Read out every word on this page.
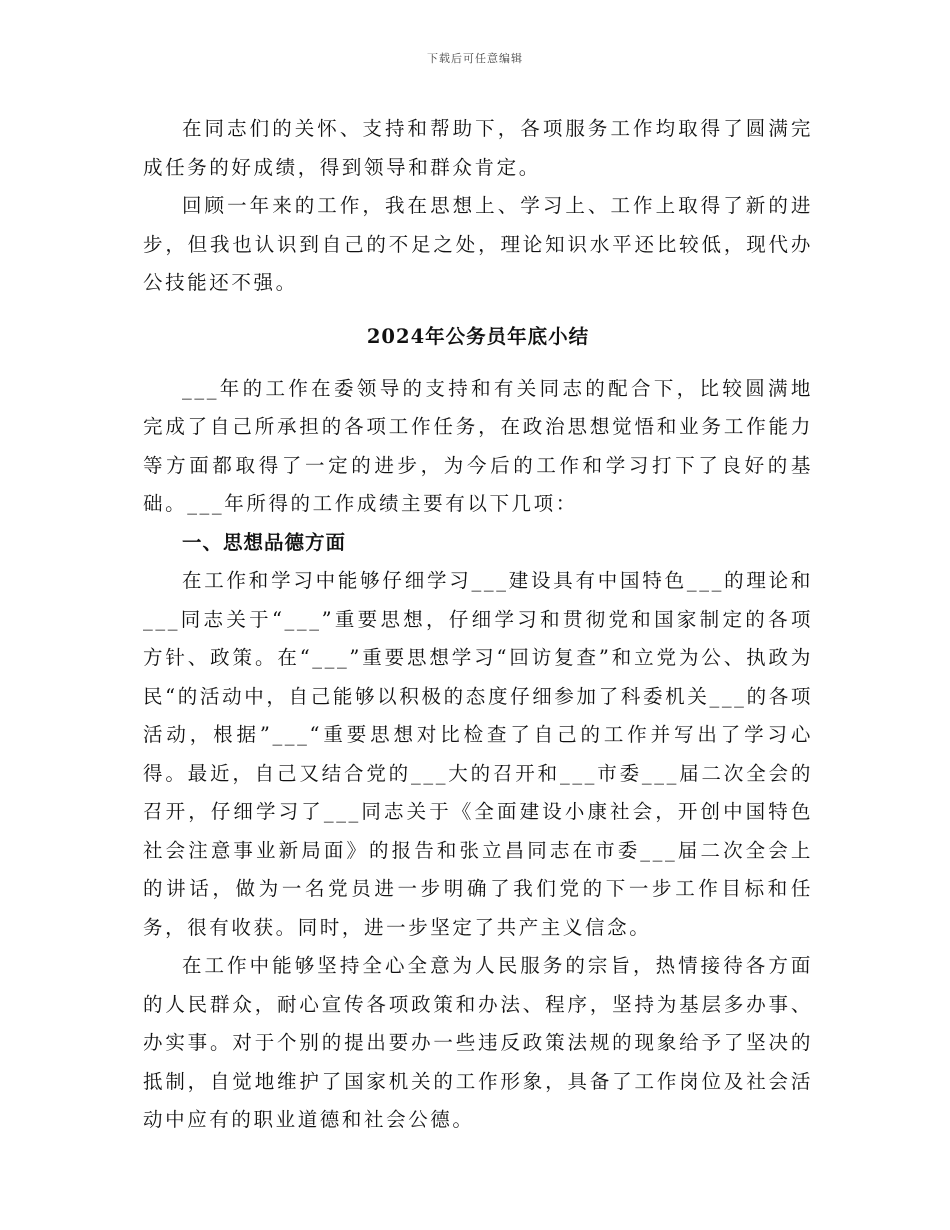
下载后可任意编辑

在同志们的关怀、支持和帮助下，各项服务工作均取得了圆满完成任务的好成绩，得到领导和群众肯定。

回顾一年来的工作，我在思想上、学习上、工作上取得了新的进步，但我也认识到自己的不足之处，理论知识水平还比较低，现代办公技能还不强。

2024年公务员年底小结

___年的工作在委领导的支持和有关同志的配合下，比较圆满地完成了自己所承担的各项工作任务，在政治思想觉悟和业务工作能力等方面都取得了一定的进步，为今后的工作和学习打下了良好的基础。___年所得的工作成绩主要有以下几项：

一、思想品德方面

在工作和学习中能够仔细学习___建设具有中国特色___的理论和___同志关于“___”重要思想，仔细学习和贯彻党和国家制定的各项方针、政策。在“___”重要思想学习“回访复查”和立党为公、执政为民“的活动中，自己能够以积极的态度仔细参加了科委机关___的各项活动，根据”___“重要思想对比检查了自己的工作并写出了学习心得。最近，自己又结合党的___大的召开和___市委___届二次全会的召开，仔细学习了___同志关于《全面建设小康社会，开创中国特色社会注意事业新局面》的报告和张立昌同志在市委___届二次全会上的讲话，做为一名党员进一步明确了我们党的下一步工作目标和任务，很有收获。同时，进一步坚定了共产主义信念。

在工作中能够坚持全心全意为人民服务的宗旨，热情接待各方面的人民群众，耐心宣传各项政策和办法、程序，坚持为基层多办事、办实事。对于个别的提出要办一些违反政策法规的现象给予了坚决的抵制，自觉地维护了国家机关的工作形象，具备了工作岗位及社会活动中应有的职业道德和社会公德。
